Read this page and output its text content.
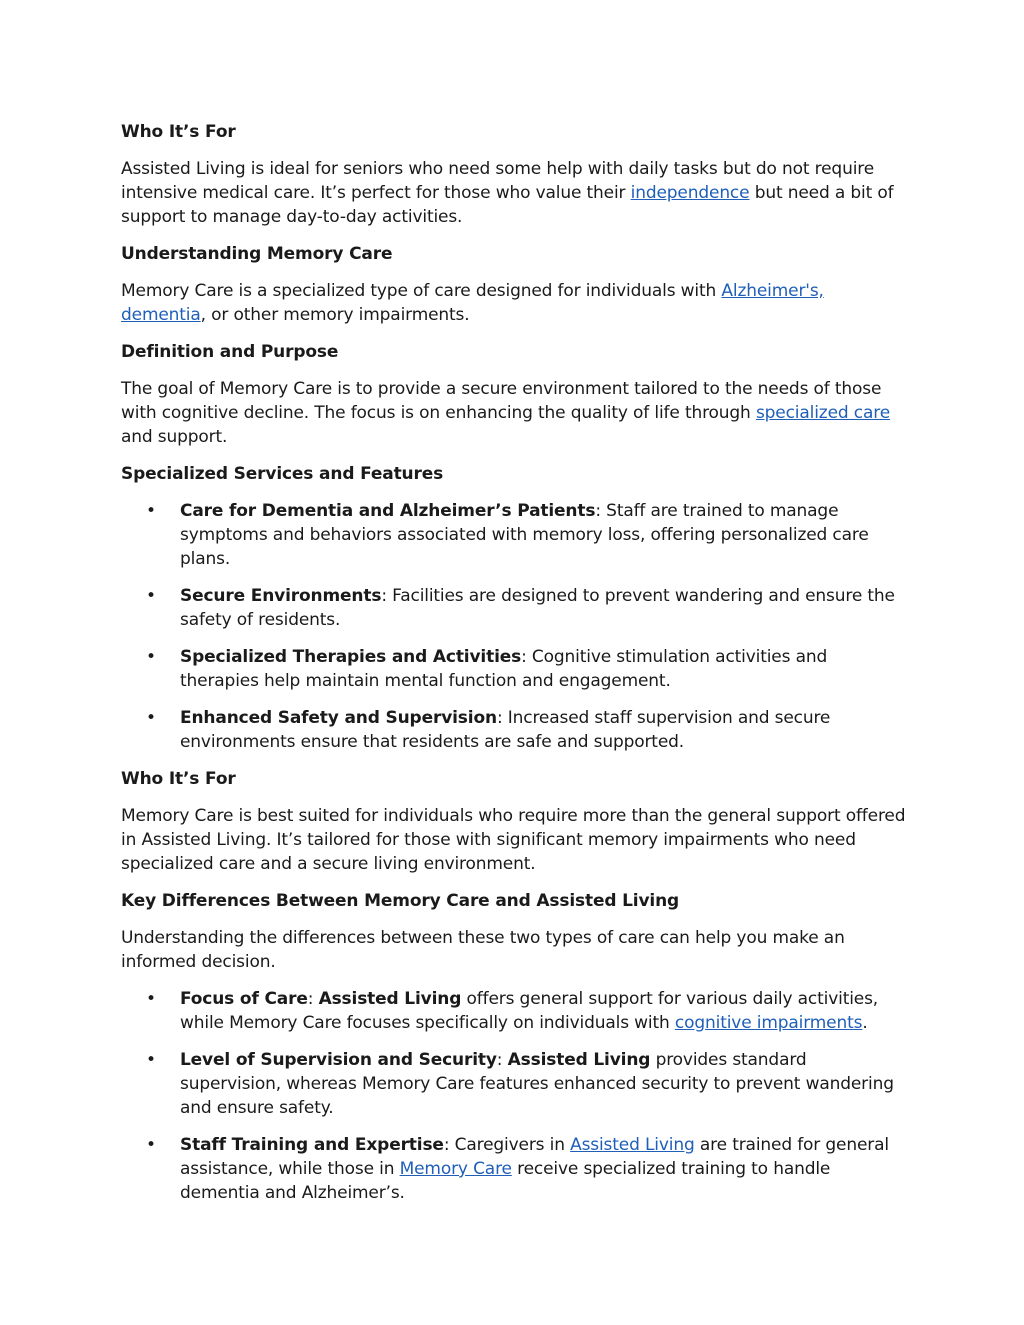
Who It’s For

Assisted Living is ideal for seniors who need some help with daily tasks but do not require intensive medical care. It’s perfect for those who value their independence but need a bit of support to manage day-to-day activities.

Understanding Memory Care

Memory Care is a specialized type of care designed for individuals with Alzheimer's, dementia, or other memory impairments.

Definition and Purpose

The goal of Memory Care is to provide a secure environment tailored to the needs of those with cognitive decline. The focus is on enhancing the quality of life through specialized care and support.

Specialized Services and Features
• Care for Dementia and Alzheimer’s Patients: Staff are trained to manage symptoms and behaviors associated with memory loss, offering personalized care plans.
• Secure Environments: Facilities are designed to prevent wandering and ensure the safety of residents.
• Specialized Therapies and Activities: Cognitive stimulation activities and therapies help maintain mental function and engagement.
• Enhanced Safety and Supervision: Increased staff supervision and secure environments ensure that residents are safe and supported.
Who It’s For

Memory Care is best suited for individuals who require more than the general support offered in Assisted Living. It’s tailored for those with significant memory impairments who need specialized care and a secure living environment.

Key Differences Between Memory Care and Assisted Living

Understanding the differences between these two types of care can help you make an informed decision.

• Focus of Care: Assisted Living offers general support for various daily activities, while Memory Care focuses specifically on individuals with cognitive impairments.
• Level of Supervision and Security: Assisted Living provides standard supervision, whereas Memory Care features enhanced security to prevent wandering and ensure safety.
• Staff Training and Expertise: Caregivers in Assisted Living are trained for general assistance, while those in Memory Care receive specialized training to handle dementia and Alzheimer’s.
